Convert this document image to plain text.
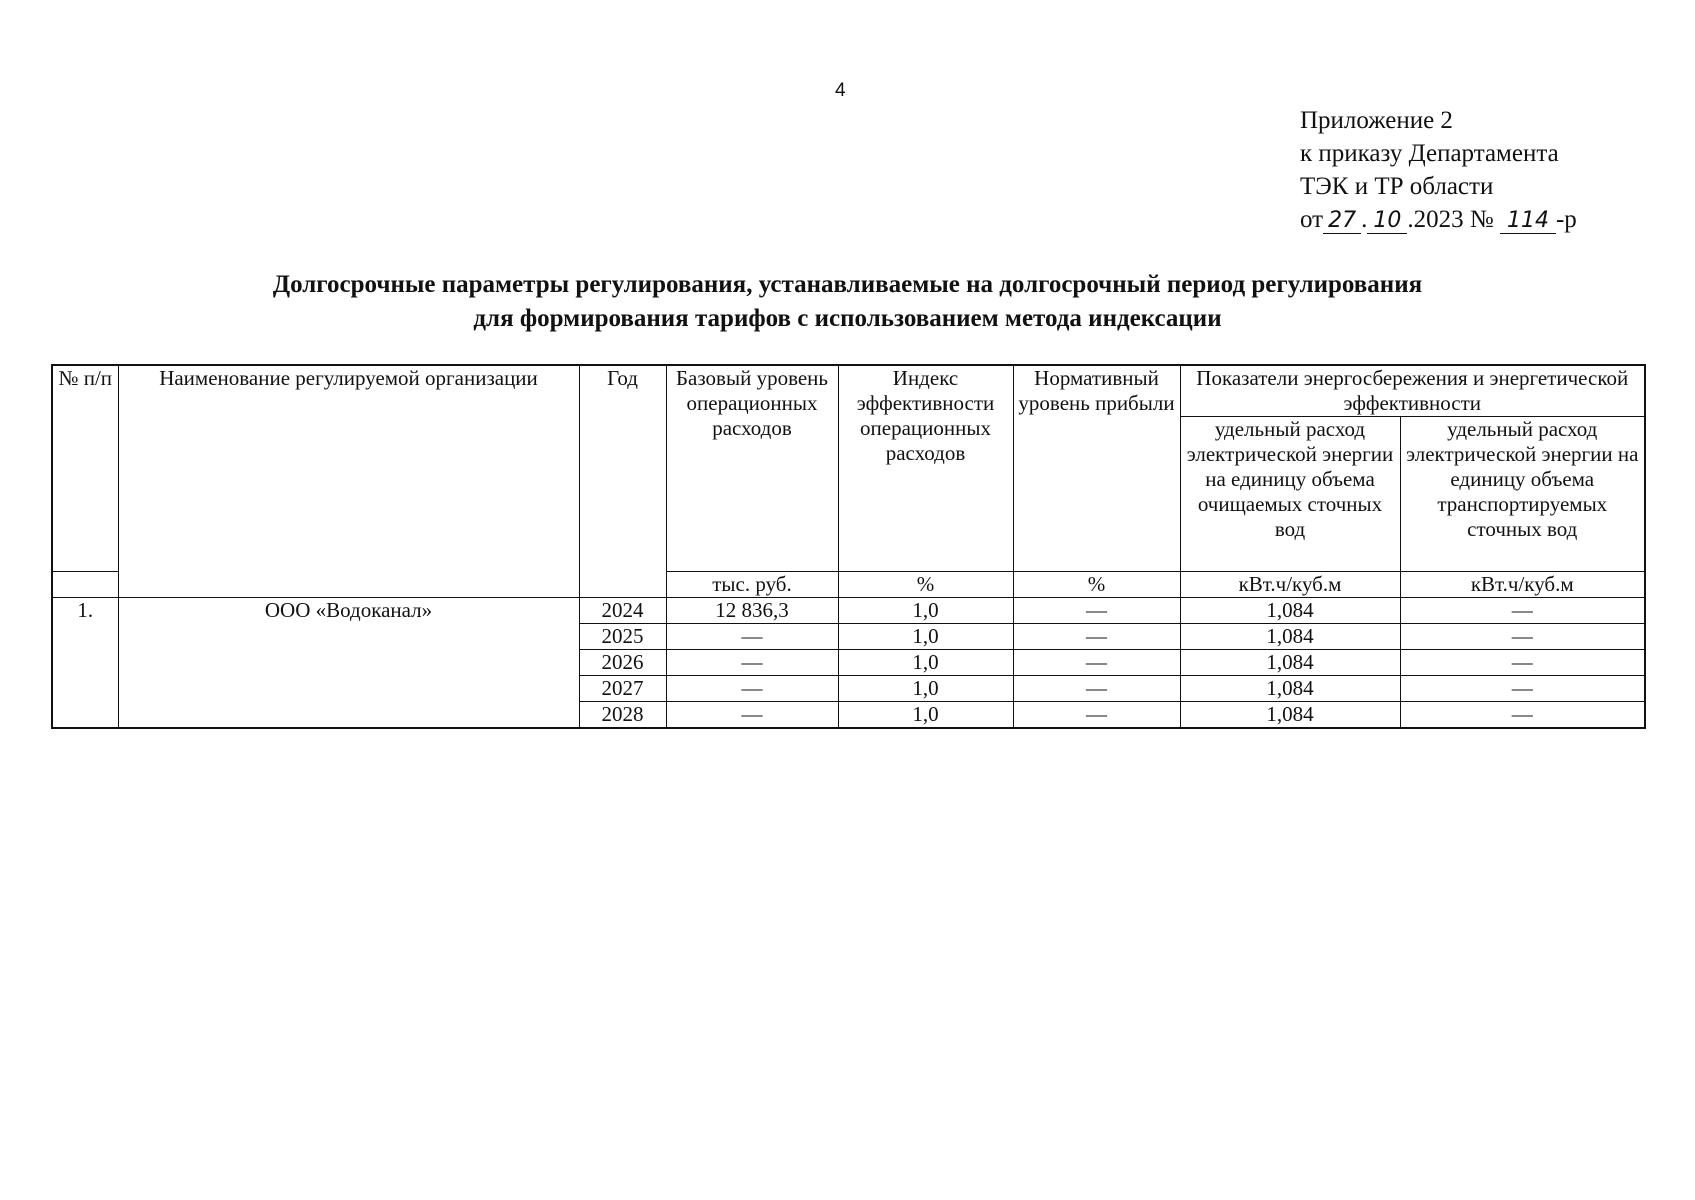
4
Приложение 2
к приказу Департамента
ТЭК и ТР области
от 27 . 10 .2023 № 114 -р
Долгосрочные параметры регулирования, устанавливаемые на долгосрочный период регулирования
для формирования тарифов с использованием метода индексации
№ п/п	Наименование регулируемой организации	Год	Базовый уровень операционных расходов	Индекс эффективности операционных расходов	Нормативный уровень прибыли	Показатели энергосбережения и энергетической эффективности	
						удельный расход электрической энергии на единицу объема очищаемых сточных вод	удельный расход электрической энергии на единицу объема транспортируемых сточных вод
			тыс. руб.	%	%	кВт.ч/куб.м	кВт.ч/куб.м
1.	ООО «Водоканал»	2024	12 836,3	1,0	—	1,084	—
		2025	—	1,0	—	1,084	—
		2026	—	1,0	—	1,084	—
		2027	—	1,0	—	1,084	—
		2028	—	1,0	—	1,084	—
